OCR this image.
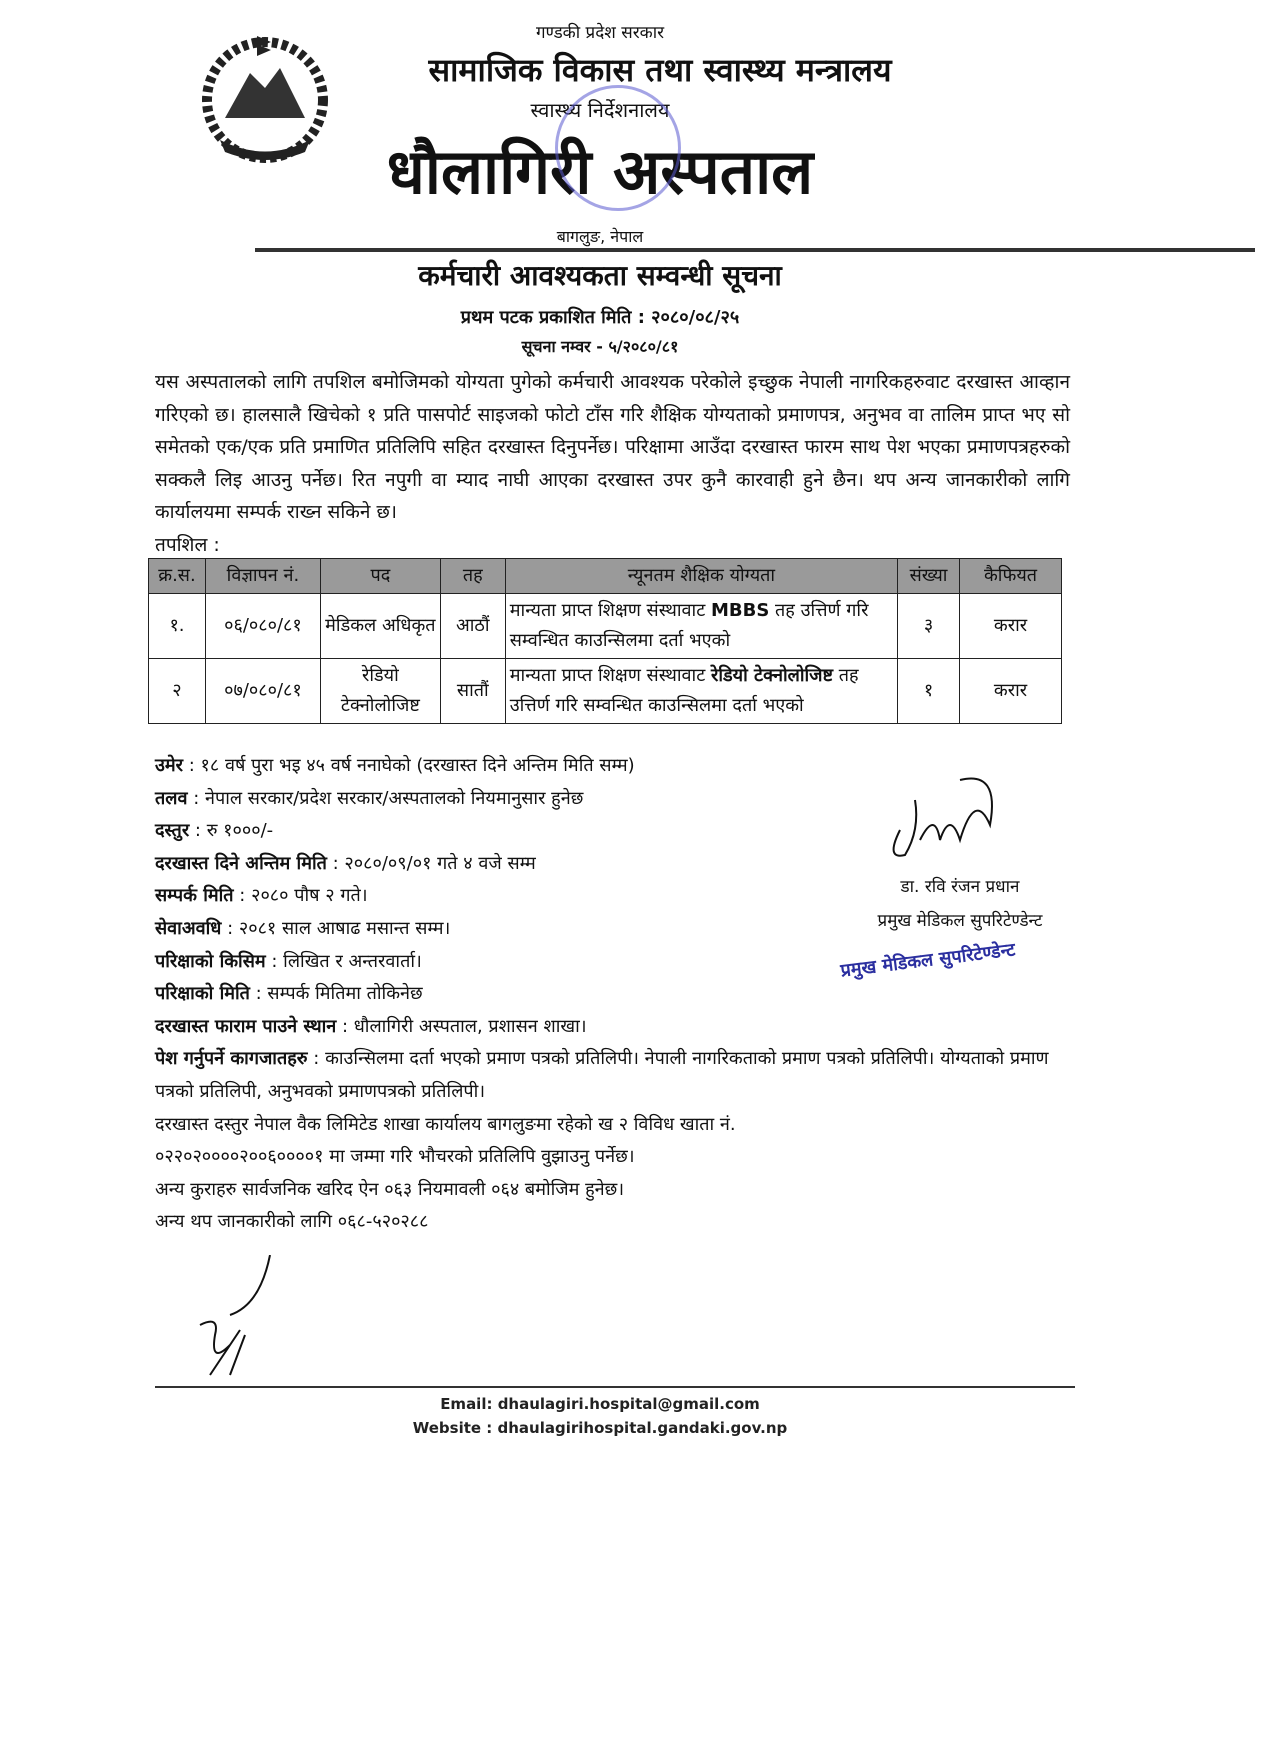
गण्डकी प्रदेश सरकार
सामाजिक विकास तथा स्वास्थ्य मन्त्रालय
स्वास्थ्य निर्देशनालय
धौलागिरी अस्पताल
बागलुङ, नेपाल
कर्मचारी आवश्यकता सम्वन्धी सूचना
प्रथम पटक प्रकाशित मिति : २०८०/०८/२५
सूचना नम्वर - ५/२०८०/८१
यस अस्पतालको लागि तपशिल बमोजिमको योग्यता पुगेको कर्मचारी आवश्यक परेकोले इच्छुक नेपाली नागरिकहरुवाट दरखास्त आव्हान गरिएको छ। हालसालै खिचेको १ प्रति पासपोर्ट साइजको फोटो टाँस गरि शैक्षिक योग्यताको प्रमाणपत्र, अनुभव वा तालिम प्राप्त भए सो समेतको एक/एक प्रति प्रमाणित प्रतिलिपि सहित दरखास्त दिनुपर्नेछ। परिक्षामा आउँदा दरखास्त फारम साथ पेश भएका प्रमाणपत्रहरुको सक्कलै लिइ आउनु पर्नेछ। रित नपुगी वा म्याद नाघी आएका दरखास्त उपर कुनै कारवाही हुने छैन। थप अन्य जानकारीको लागि कार्यालयमा सम्पर्क राख्न सकिने छ।
तपशिल :
क्र.स.	विज्ञापन नं.	पद	तह	न्यूनतम शैक्षिक योग्यता	संख्या	कैफियत
१.	०६/०८०/८१	मेडिकल अधिकृत	आठौं	मान्यता प्राप्त शिक्षण संस्थावाट MBBS तह उत्तिर्ण गरि सम्वन्धित काउन्सिलमा दर्ता भएको	३	करार
२	०७/०८०/८१	रेडियो टेक्नोलोजिष्ट	सातौं	मान्यता प्राप्त शिक्षण संस्थावाट रेडियो टेक्नोलोजिष्ट तह उत्तिर्ण गरि सम्वन्धित काउन्सिलमा दर्ता भएको	१	करार
उमेर : १८ वर्ष पुरा भइ ४५ वर्ष ननाघेको (दरखास्त दिने अन्तिम मिति सम्म)
तलव : नेपाल सरकार/प्रदेश सरकार/अस्पतालको नियमानुसार हुनेछ
दस्तुर : रु १०००/-
दरखास्त दिने अन्तिम मिति : २०८०/०९/०१ गते ४ वजे सम्म
सम्पर्क मिति : २०८० पौष २ गते।
सेवाअवधि : २०८१ साल आषाढ मसान्त सम्म।
परिक्षाको किसिम : लिखित र अन्तरवार्ता।
परिक्षाको मिति : सम्पर्क मितिमा तोकिनेछ
दरखास्त फाराम पाउने स्थान : धौलागिरी अस्पताल, प्रशासन शाखा।
पेश गर्नुपर्ने कागजातहरु : काउन्सिलमा दर्ता भएको प्रमाण पत्रको प्रतिलिपी। नेपाली नागरिकताको प्रमाण पत्रको प्रतिलिपी। योग्यताको प्रमाण पत्रको प्रतिलिपी, अनुभवको प्रमाणपत्रको प्रतिलिपी।
दरखास्त दस्तुर नेपाल वैक लिमिटेड शाखा कार्यालय बागलुङमा रहेको ख २ विविध खाता नं. ०२२०२००००२००६००००१ मा जम्मा गरि भौचरको प्रतिलिपि वुझाउनु पर्नेछ।
अन्य कुराहरु सार्वजनिक खरिद ऐन ०६३ नियमावली ०६४ बमोजिम हुनेछ।
अन्य थप जानकारीको लागि ०६८-५२०२८८
डा. रवि रंजन प्रधान
प्रमुख मेडिकल सुपरिटेण्डेन्ट
प्रमुख मेडिकल सुपरिटेण्डेन्ट
Email: dhaulagiri.hospital@gmail.com
Website : dhaulagirihospital.gandaki.gov.np
